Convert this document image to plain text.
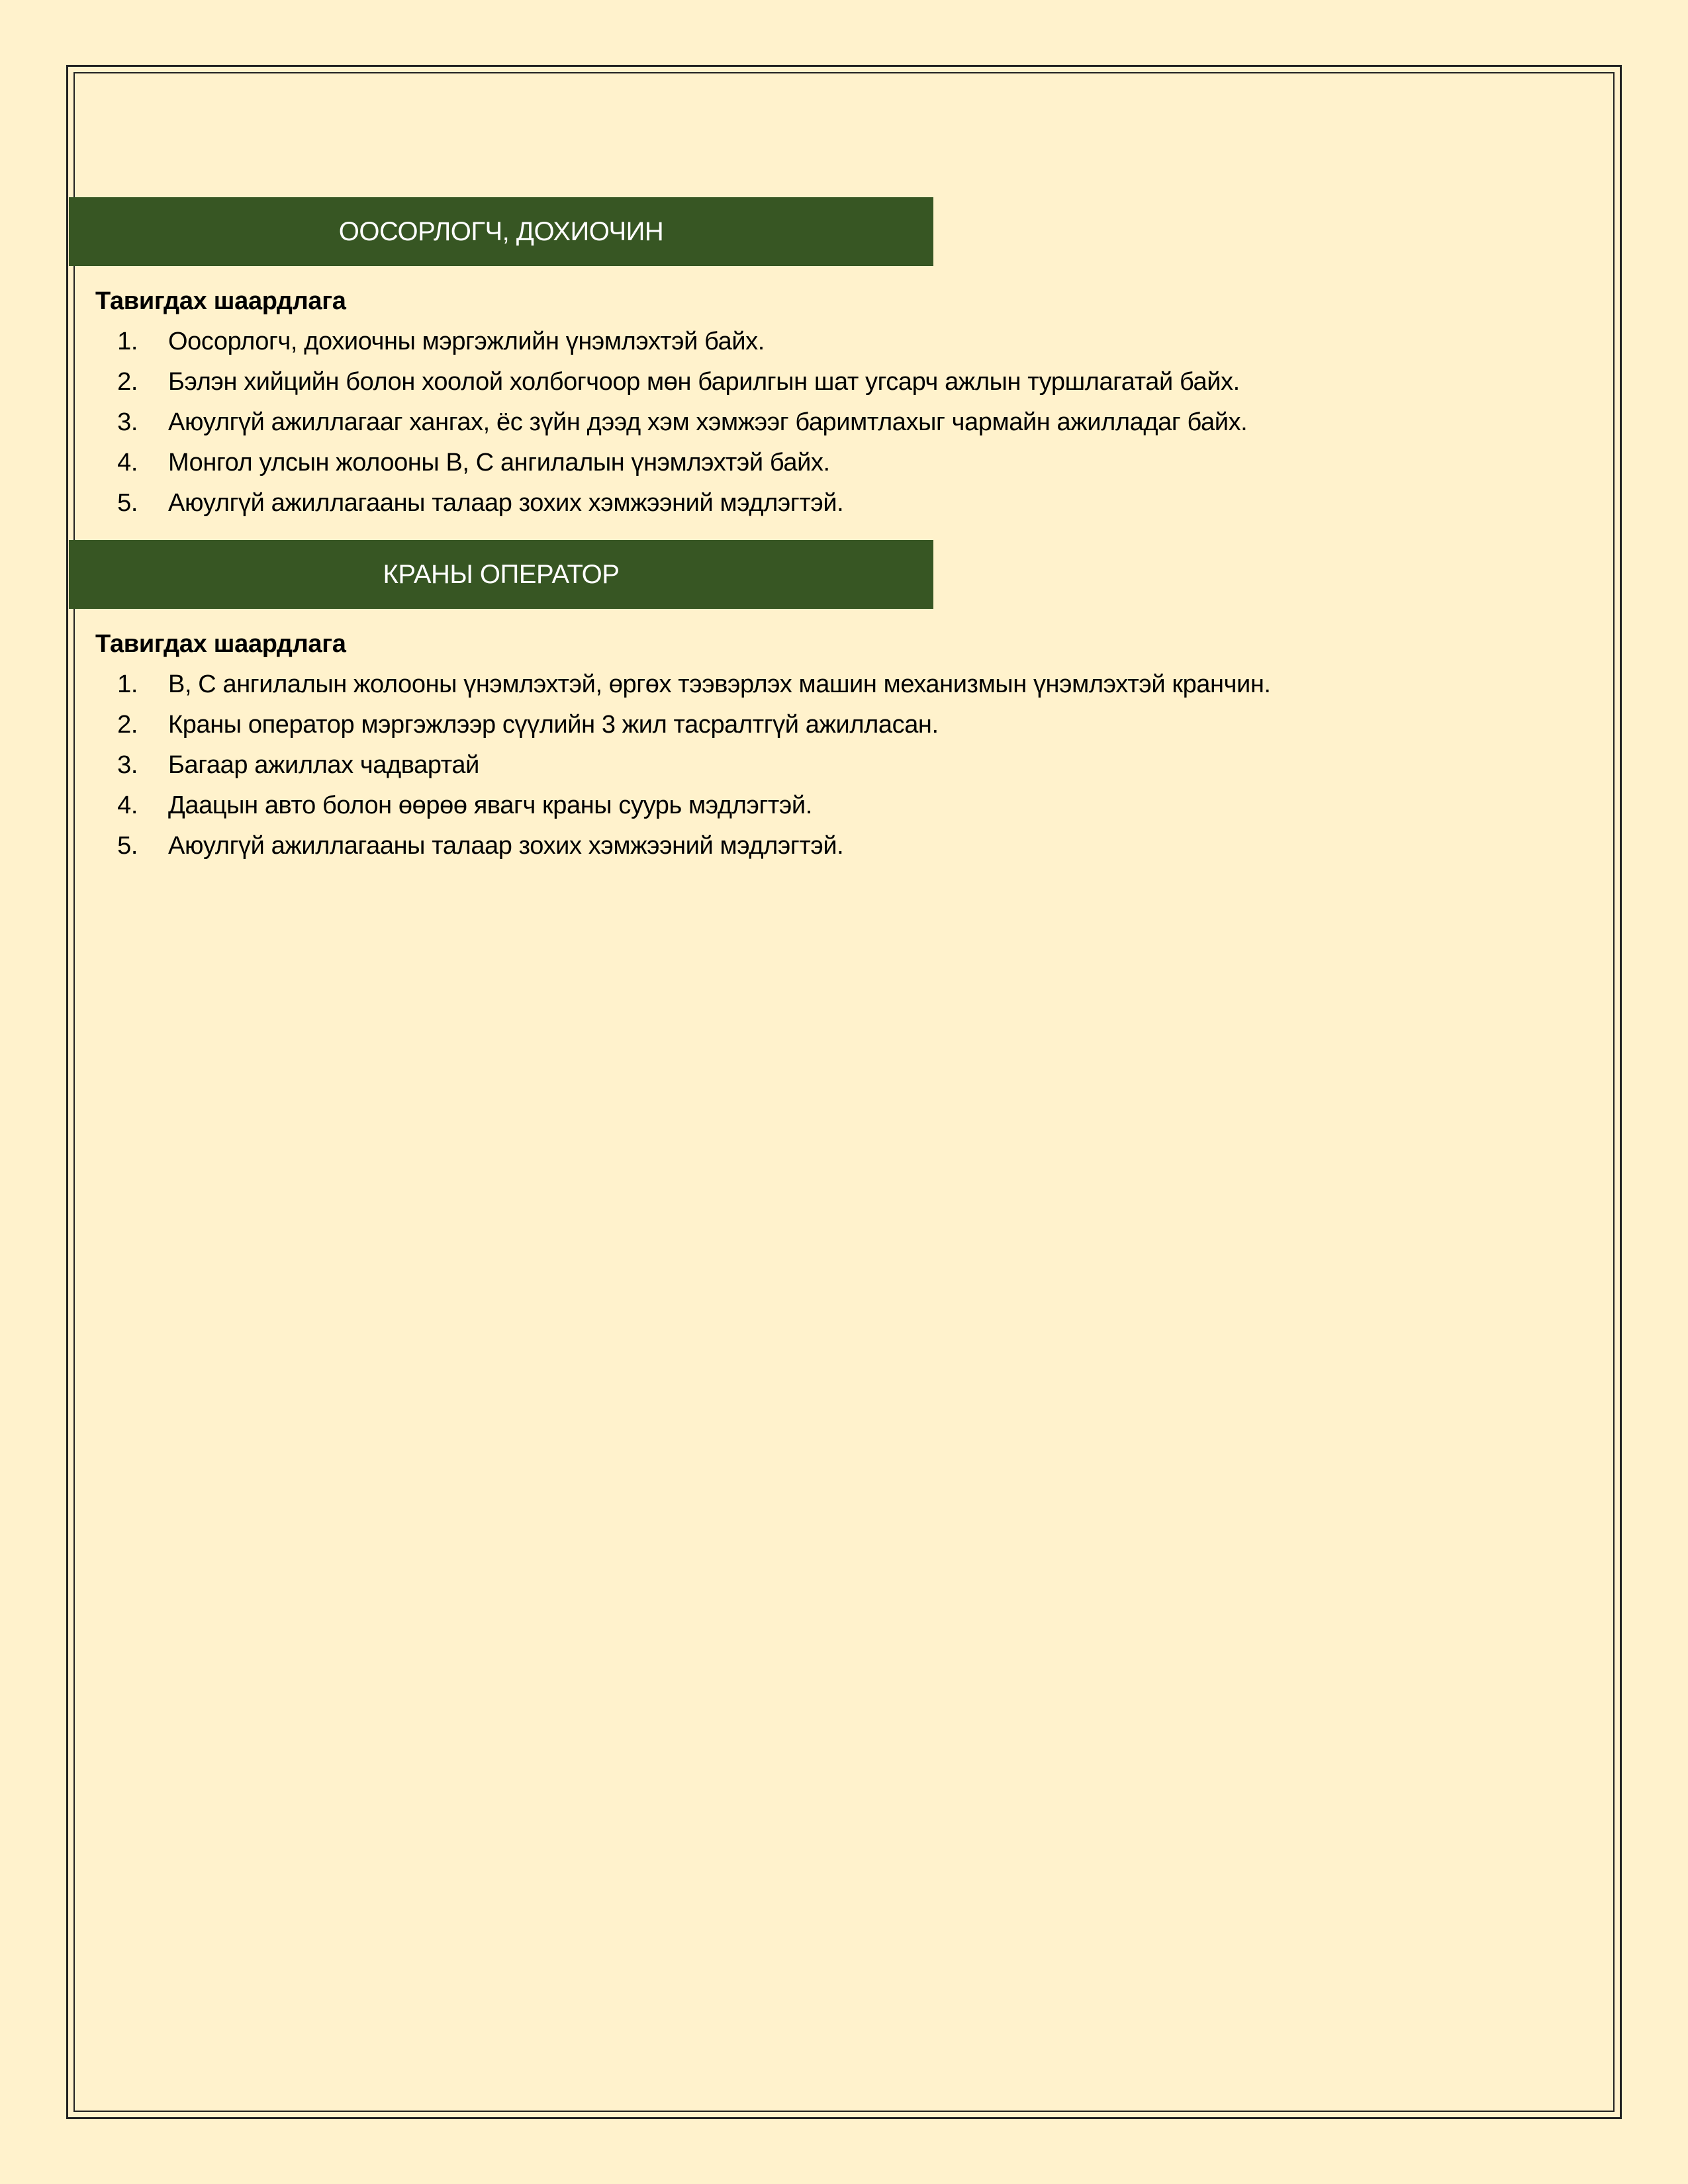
ООСОРЛОГЧ, ДОХИОЧИН
Тавигдах шаардлага
1.	Оосорлогч, дохиочны мэргэжлийн үнэмлэхтэй байх.
2.	Бэлэн хийцийн болон хоолой холбогчоор мөн барилгын шат угсарч ажлын туршлагатай байх.
3.	Аюулгүй ажиллагааг хангах, ёс зүйн дээд хэм хэмжээг баримтлахыг чармайн ажилладаг байх.
4.	Монгол улсын жолооны B, C ангилалын үнэмлэхтэй байх.
5.	Аюулгүй ажиллагааны талаар зохих хэмжээний мэдлэгтэй.
КРАНЫ ОПЕРАТОР
Тавигдах шаардлага
1.	B, C ангилалын жолооны үнэмлэхтэй, өргөх тээвэрлэх машин механизмын үнэмлэхтэй кранчин.
2.	Краны оператор мэргэжлээр сүүлийн 3 жил тасралтгүй ажилласан.
3.	Багаар ажиллах чадвартай
4.	Даацын авто болон өөрөө явагч краны суурь мэдлэгтэй.
5.	Аюулгүй ажиллагааны талаар зохих хэмжээний мэдлэгтэй.
